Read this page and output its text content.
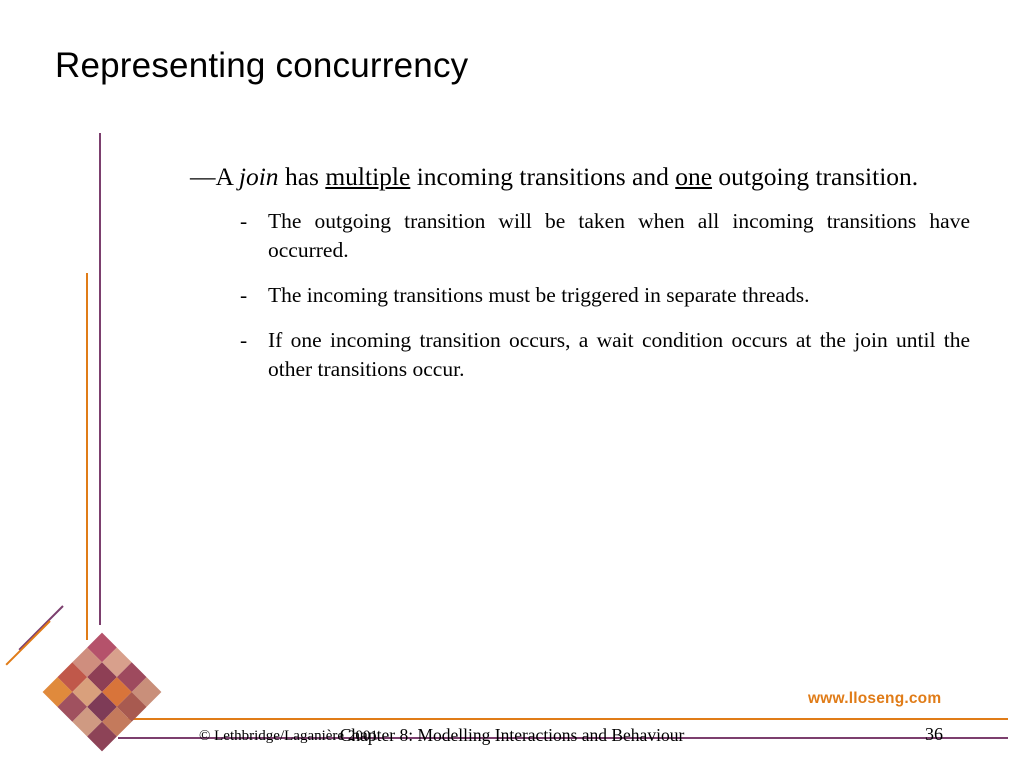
Representing concurrency

—A join has multiple incoming transitions and one outgoing transition.

- The outgoing transition will be taken when all incoming transitions have occurred.
- The incoming transitions must be triggered in separate threads.
- If one incoming transition occurs, a wait condition occurs at the join until the other transitions occur.
www.lloseng.com
© Lethbridge/Laganière 2001
Chapter 8: Modelling Interactions and Behaviour	36
